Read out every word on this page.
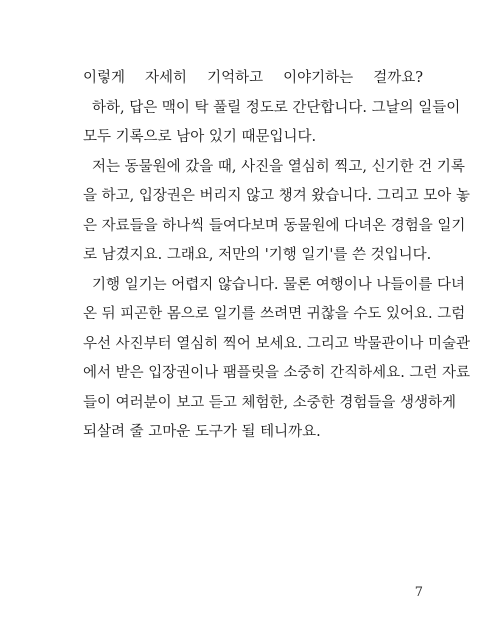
이렇게 자세히 기억하고 이야기하는 걸까요?
하하, 답은 맥이 탁 풀릴 정도로 간단합니다. 그날의 일들이
모두 기록으로 남아 있기 때문입니다.
저는 동물원에 갔을 때, 사진을 열심히 찍고, 신기한 건 기록
을 하고, 입장권은 버리지 않고 챙겨 왔습니다. 그리고 모아 놓
은 자료들을 하나씩 들여다보며 동물원에 다녀온 경험을 일기
로 남겼지요. 그래요, 저만의 '기행 일기'를 쓴 것입니다.
기행 일기는 어렵지 않습니다. 물론 여행이나 나들이를 다녀
온 뒤 피곤한 몸으로 일기를 쓰려면 귀찮을 수도 있어요. 그럼
우선 사진부터 열심히 찍어 보세요. 그리고 박물관이나 미술관
에서 받은 입장권이나 팸플릿을 소중히 간직하세요. 그런 자료
들이 여러분이 보고 듣고 체험한, 소중한 경험들을 생생하게
되살려 줄 고마운 도구가 될 테니까요.
7
